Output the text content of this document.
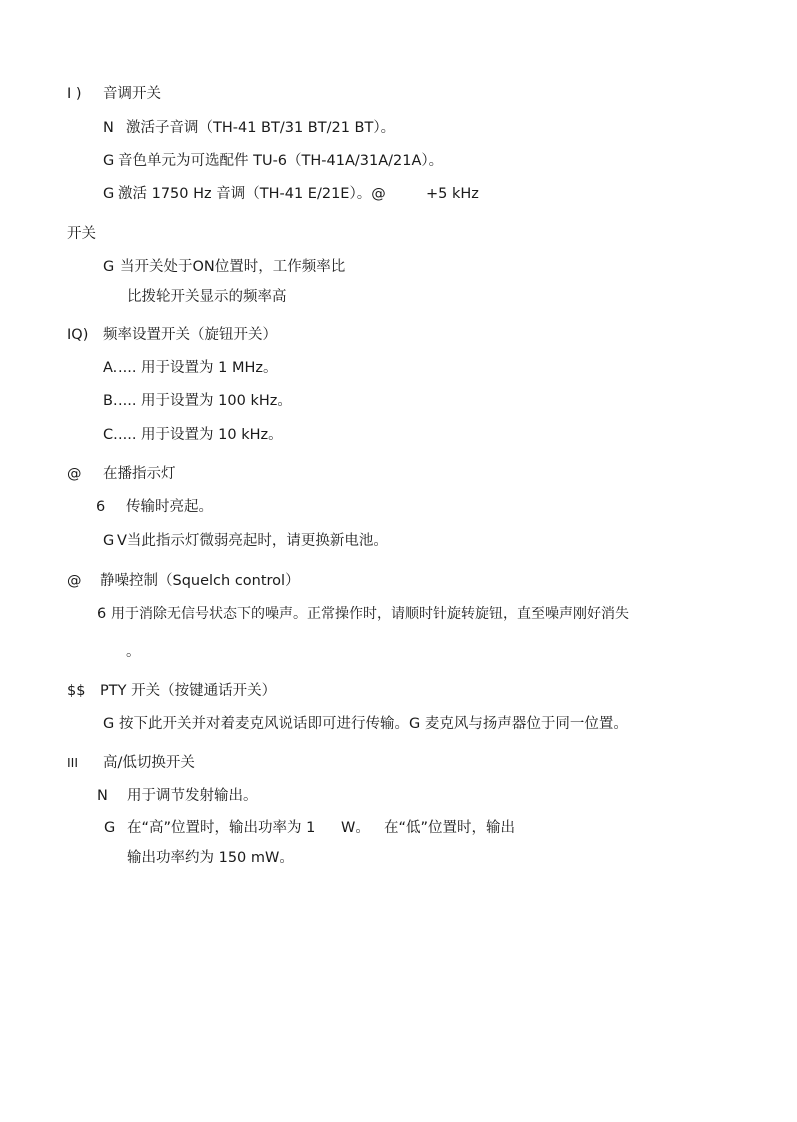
I ) 音调开关
N 激活子音调（TH-41 BT/31 BT/21 BT）。
G 音色单元为可选配件 TU-6（TH-41A/31A/21A）。
G 激活 1750 Hz 音调（TH-41 E/21E）。@	+5 kHz
开关
G 当开关处于ON位置时，工作频率比
比拨轮开关显示的频率高
IQ) 频率设置开关（旋钮开关）
A. .... 用于设置为 1 MHz。
B. .... 用于设置为 100 kHz。
C. .... 用于设置为 10 kHz。
@ 在播指示灯
6 传输时亮起。
G V当此指示灯微弱亮起时，请更换新电池。
@ 静噪控制（Squelch control）
6 用于消除无信号状态下的噪声。正常操作时，请顺时针旋转旋钮，直至噪声刚好消失
。
$$ PTY 开关（按键通话开关）
G 按下此开关并对着麦克风说话即可进行传输。G 麦克风与扬声器位于同一位置。
III 高/低切换开关
N 用于调节发射输出。
G 在“高”位置时，输出功率为 1 W。 在“低”位置时，输出
输出功率约为 150 mW。
